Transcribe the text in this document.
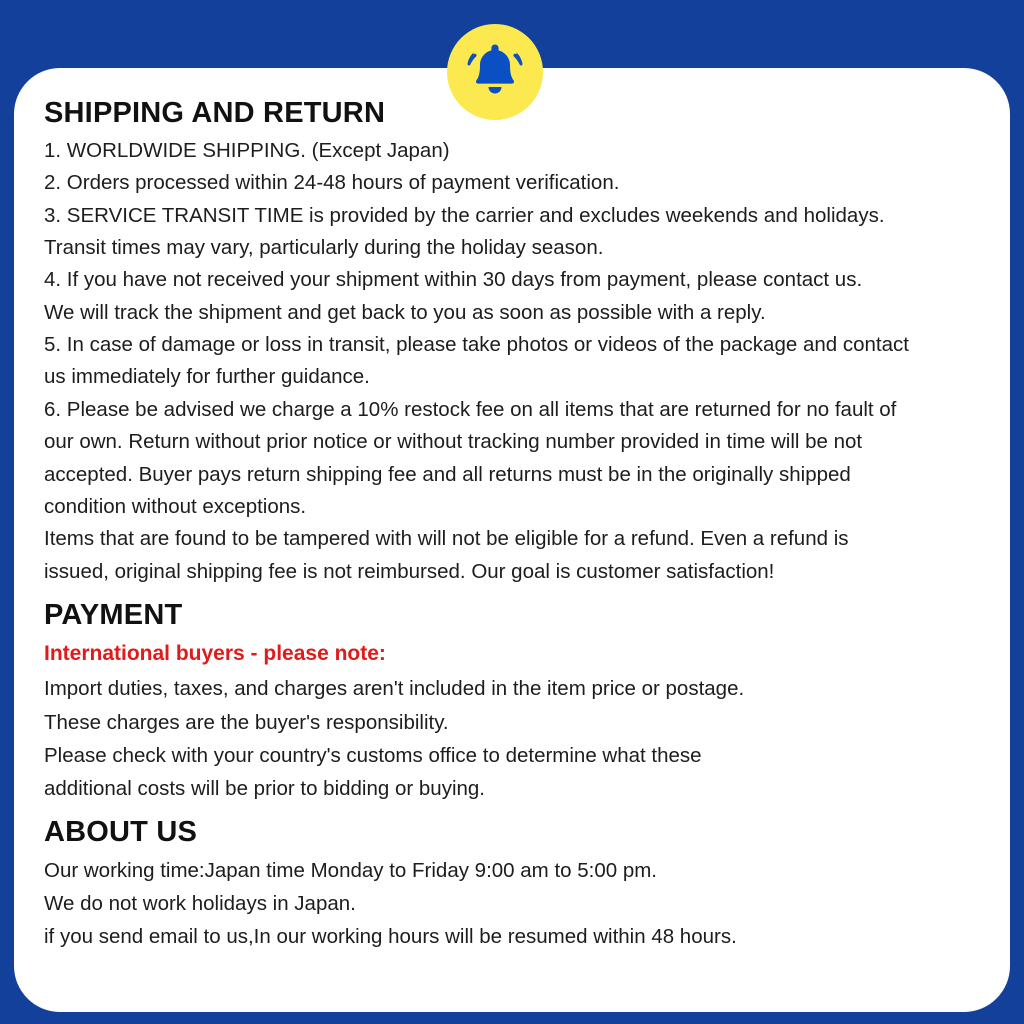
SHIPPING AND RETURN

1. WORLDWIDE SHIPPING. (Except Japan)

2. Orders processed within 24-48 hours of payment verification.

3. SERVICE TRANSIT TIME is provided by the carrier and excludes weekends and holidays.

Transit times may vary, particularly during the holiday season.

4. If you have not received your shipment within 30 days from payment, please contact us.

We will track the shipment and get back to you as soon as possible with a reply.

5. In case of damage or loss in transit, please take photos or videos of the package and contact

us immediately for further guidance.

6. Please be advised we charge a 10% restock fee on all items that are returned for no fault of

our own. Return without prior notice or without tracking number provided in time will be not

accepted. Buyer pays return shipping fee and all returns must be in the originally shipped

condition without exceptions.

Items that are found to be tampered with will not be eligible for a refund. Even a refund is

issued, original shipping fee is not reimbursed. Our goal is customer satisfaction!

PAYMENT

International buyers - please note:

Import duties, taxes, and charges aren't included in the item price or postage.

These charges are the buyer's responsibility.

Please check with your country's customs office to determine what these

additional costs will be prior to bidding or buying.

ABOUT US

Our working time:Japan time Monday to Friday 9:00 am to 5:00 pm.

We do not work holidays in Japan.

if you send email to us,In our working hours will be resumed within 48 hours.
